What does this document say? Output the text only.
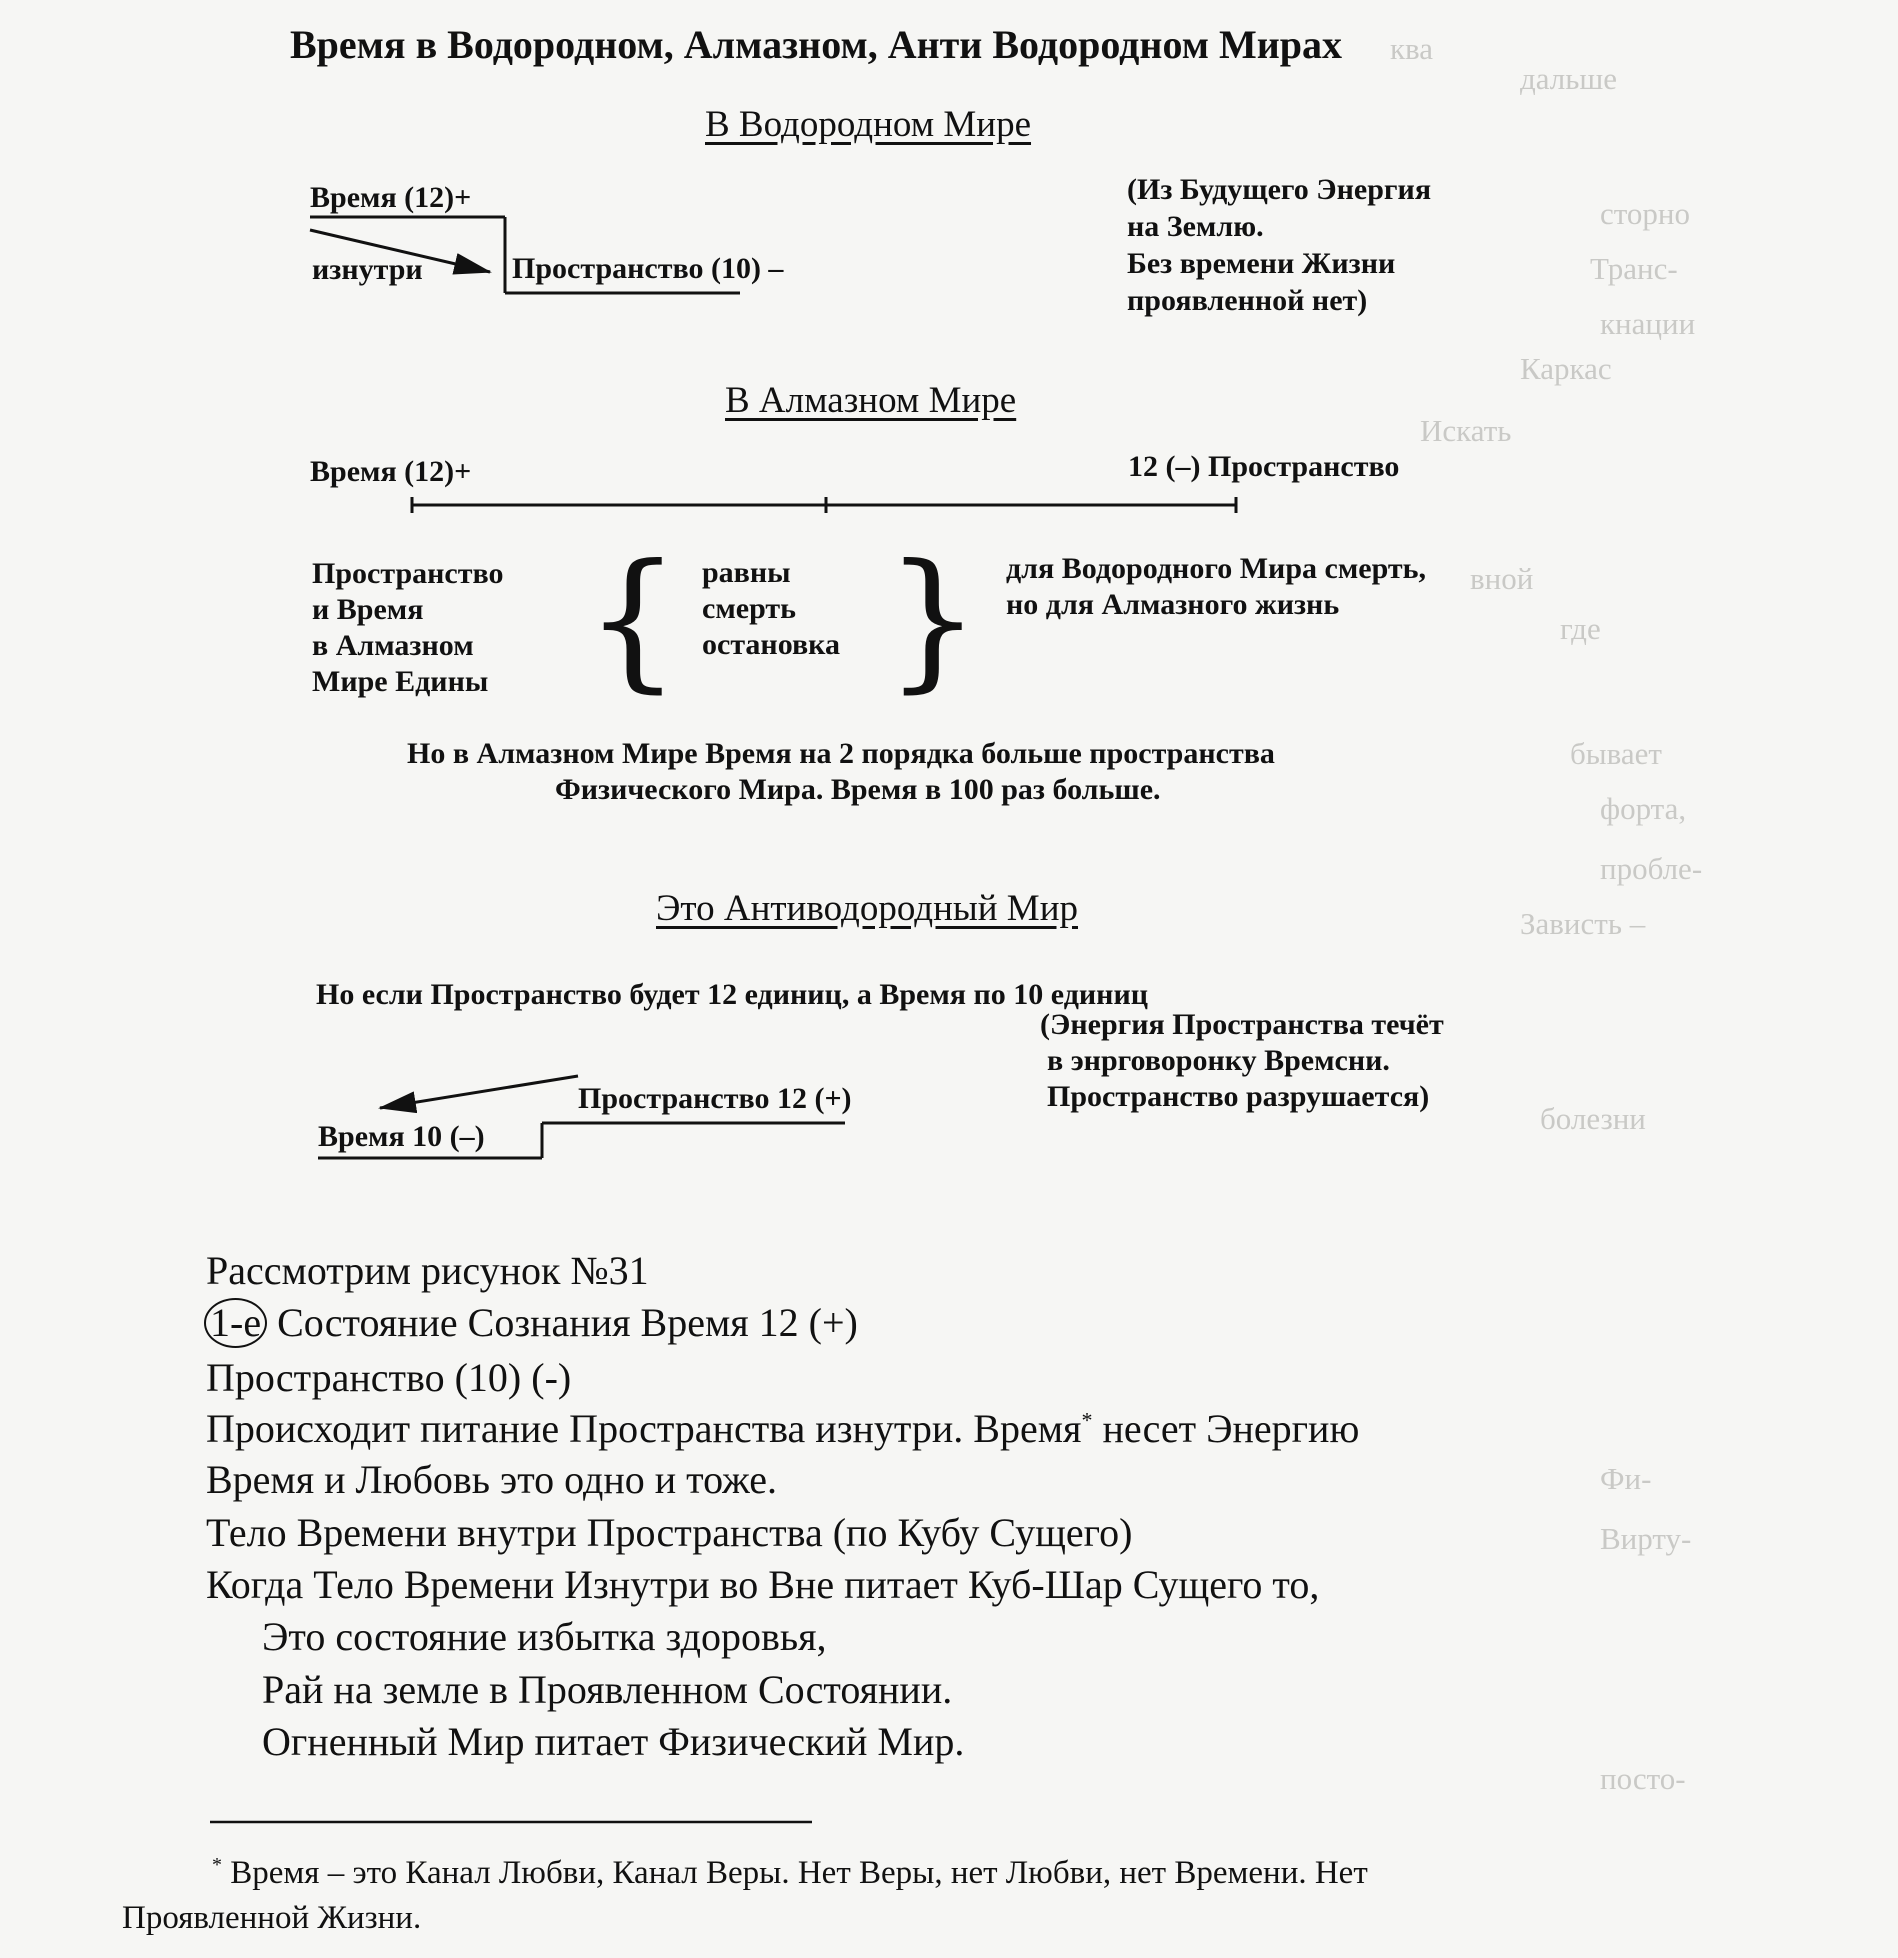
ква
дальше
сторно
Транс-
кнации
Каркас
Искать
вной
где
бывает
форта,
пробле-
Зависть –
болезни
Фи-
Вирту-
посто-
Время в Водородном, Алмазном, Анти Водородном Мирах
В Водородном Мире
Время (12)+
изнутри	Пространство (10) –
(Из Будущего Энергия
на Землю.
Без времени Жизни
проявленной нет)
В Алмазном Мире
Время (12)+	12 (–) Пространство
Пространство
и Время
в Алмазном
Мире Едины { равны
смерть
остановка } для Водородного Мира смерть,
но для Алмазного жизнь
Но в Алмазном Мире Время на 2 порядка больше пространства
Физического Мира. Время в 100 раз больше.
Это Антиводородный Мир
Но если Пространство будет 12 единиц, а Время по 10 единиц
(Энергия Пространства течёт
в энрговоронку Времсни.
Пространство разрушается)
Пространство 12 (+)
Время 10 (–)
Рассмотрим рисунок №31
1-е Состояние Сознания Время 12 (+)
Пространство (10) (-)
Происходит питание Пространства изнутри. Время* несет Энергию
Время и Любовь это одно и тоже.
Тело Времени внутри Пространства (по Кубу Сущего)
Когда Тело Времени Изнутри во Вне питает Куб-Шар Сущего то,
Это состояние избытка здоровья,
Рай на земле в Проявленном Состоянии.
Огненный Мир питает Физический Мир.
* Время – это Канал Любви, Канал Веры. Нет Веры, нет Любви, нет Времени. Нет
Проявленной Жизни.
